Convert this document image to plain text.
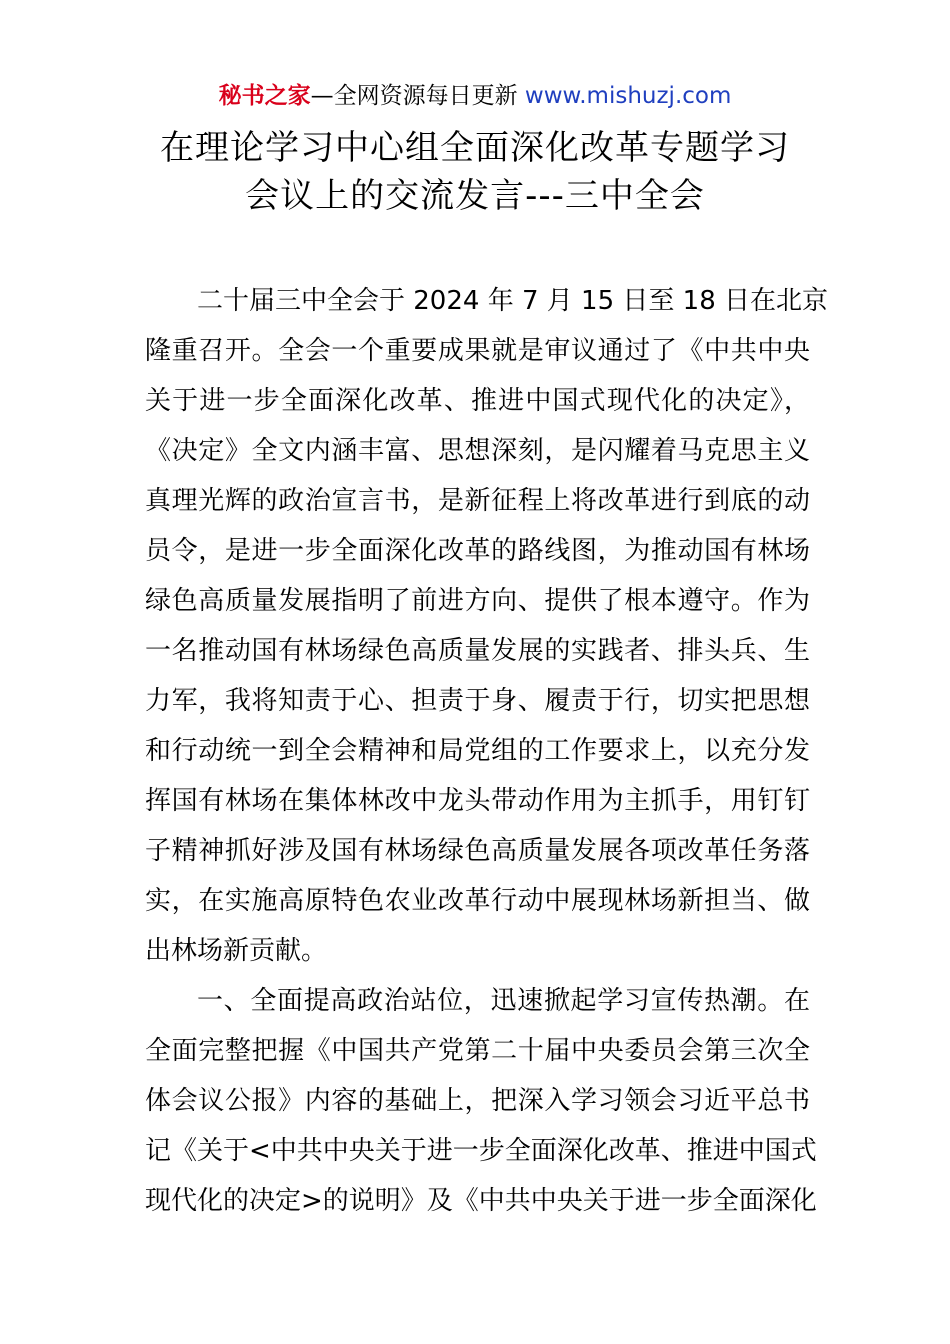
秘书之家—全网资源每日更新 www.mishuzj.com
在理论学习中心组全面深化改革专题学习
会议上的交流发言---三中全会
二十届三中全会于 2024 年 7 月 15 日至 18 日在北京
隆重召开。全会一个重要成果就是审议通过了《中共中央
关于进一步全面深化改革、推进中国式现代化的决定》，
《决定》全文内涵丰富、思想深刻，是闪耀着马克思主义
真理光辉的政治宣言书，是新征程上将改革进行到底的动
员令，是进一步全面深化改革的路线图，为推动国有林场
绿色高质量发展指明了前进方向、提供了根本遵守。作为
一名推动国有林场绿色高质量发展的实践者、排头兵、生
力军，我将知责于心、担责于身、履责于行，切实把思想
和行动统一到全会精神和局党组的工作要求上，以充分发
挥国有林场在集体林改中龙头带动作用为主抓手，用钉钉
子精神抓好涉及国有林场绿色高质量发展各项改革任务落
实，在实施高原特色农业改革行动中展现林场新担当、做
出林场新贡献。
一、全面提高政治站位，迅速掀起学习宣传热潮。在
全面完整把握《中国共产党第二十届中央委员会第三次全
体会议公报》内容的基础上，把深入学习领会习近平总书
记《关于<中共中央关于进一步全面深化改革、推进中国式
现代化的决定>的说明》及《中共中央关于进一步全面深化
